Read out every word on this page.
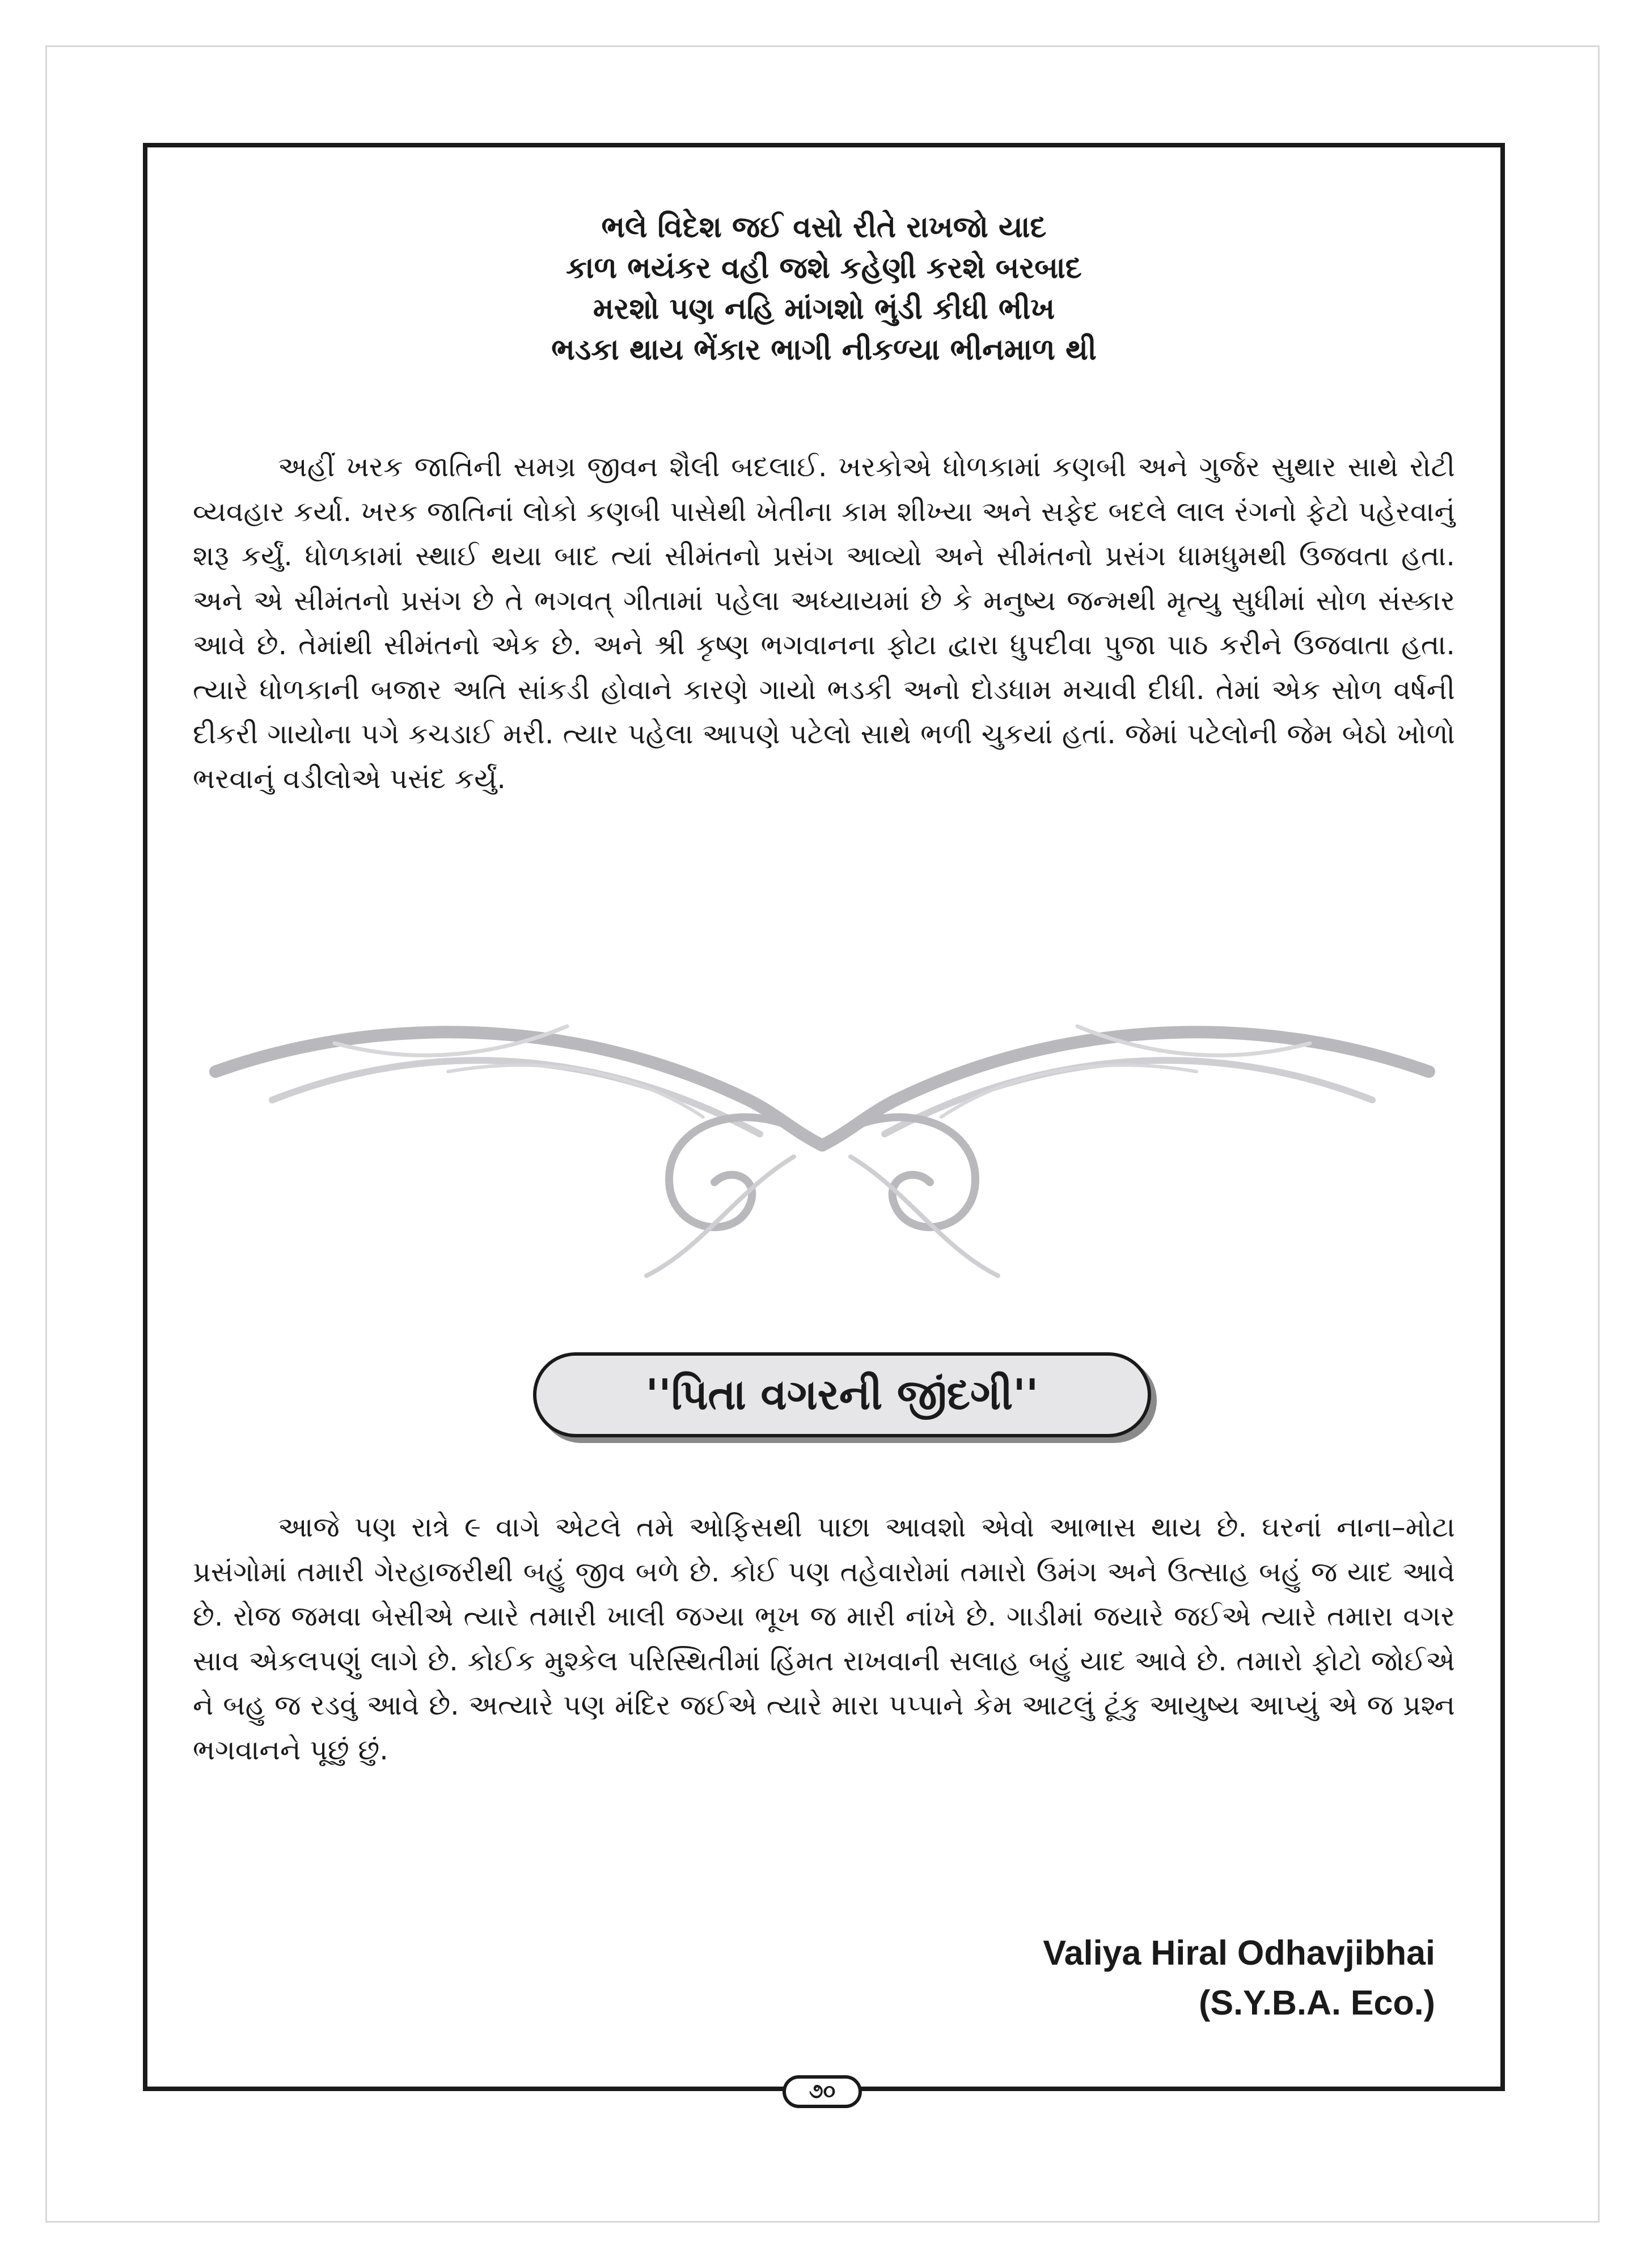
ભલે વિદેશ જઈ વસો રીતે રાખજો યાદ
કાળ ભયંકર વહી જશે કહેણી કરશે બરબાદ
મરશો પણ નહિ માંગશો ભુંડી કીધી ભીખ
ભડકા થાય ભેંકાર ભાગી નીકળ્યા ભીનમાળ થી

અહીં ખરક જાતિની સમગ્ર જીવન શૈલી બદલાઈ. ખરકોએ ધોળકામાં કણબી અને ગુર્જર સુથાર સાથે રોટી વ્યવહાર કર્યા. ખરક જાતિનાં લોકો કણબી પાસેથી ખેતીના કામ શીખ્યા અને સફેદ બદલે લાલ રંગનો ફેટો પહેરવાનું શરૂ કર્યું. ધોળકામાં સ્થાઈ થયા બાદ ત્યાં સીમંતનો પ્રસંગ આવ્યો અને સીમંતનો પ્રસંગ ધામધુમથી ઉજવતા હતા. અને એ સીમંતનો પ્રસંગ છે તે ભગવત્ ગીતામાં પહેલા અધ્યાયમાં છે કે મનુષ્ય જન્મથી મૃત્યુ સુધીમાં સોળ સંસ્કાર આવે છે. તેમાંથી સીમંતનો એક છે. અને શ્રી કૃષ્ણ ભગવાનના ફોટા દ્વારા ધુપદીવા પુજા પાઠ કરીને ઉજવાતા હતા. ત્યારે ધોળકાની બજાર અતિ સાંકડી હોવાને કારણે ગાયો ભડકી અનો દોડધામ મચાવી દીધી. તેમાં એક સોળ વર્ષની દીકરી ગાયોના પગે કચડાઈ મરી. ત્યાર પહેલા આપણે પટેલો સાથે ભળી ચુકયાં હતાં. જેમાં પટેલોની જેમ બેઠો ખોળો ભરવાનું વડીલોએ પસંદ કર્યું.

''પિતા વગરની જીંદગી''

આજે પણ રાત્રે ૯ વાગે એટલે તમે ઓફિસથી પાછા આવશો એવો આભાસ થાય છે. ઘરનાં નાના–મોટા પ્રસંગોમાં તમારી ગેરહાજરીથી બહું જીવ બળે છે. કોઈ પણ તહેવારોમાં તમારો ઉમંગ અને ઉત્સાહ બહું જ યાદ આવે છે. રોજ જમવા બેસીએ ત્યારે તમારી ખાલી જગ્યા ભૂખ જ મારી નાંખે છે. ગાડીમાં જયારે જઈએ ત્યારે તમારા વગર સાવ એકલપણું લાગે છે. કોઈક મુશ્કેલ પરિસ્થિતીમાં હિંમત રાખવાની સલાહ બહું યાદ આવે છે. તમારો ફોટો જોઈએ ને બહુ જ રડવું આવે છે. અત્યારે પણ મંદિર જઈએ ત્યારે મારા પપ્પાને કેમ આટલું ટૂંકુ આયુષ્ય આપ્યું એ જ પ્રશ્ન ભગવાનને પૂછું છું.

Valiya Hiral Odhavjibhai
(S.Y.B.A. Eco.)
૭૦
